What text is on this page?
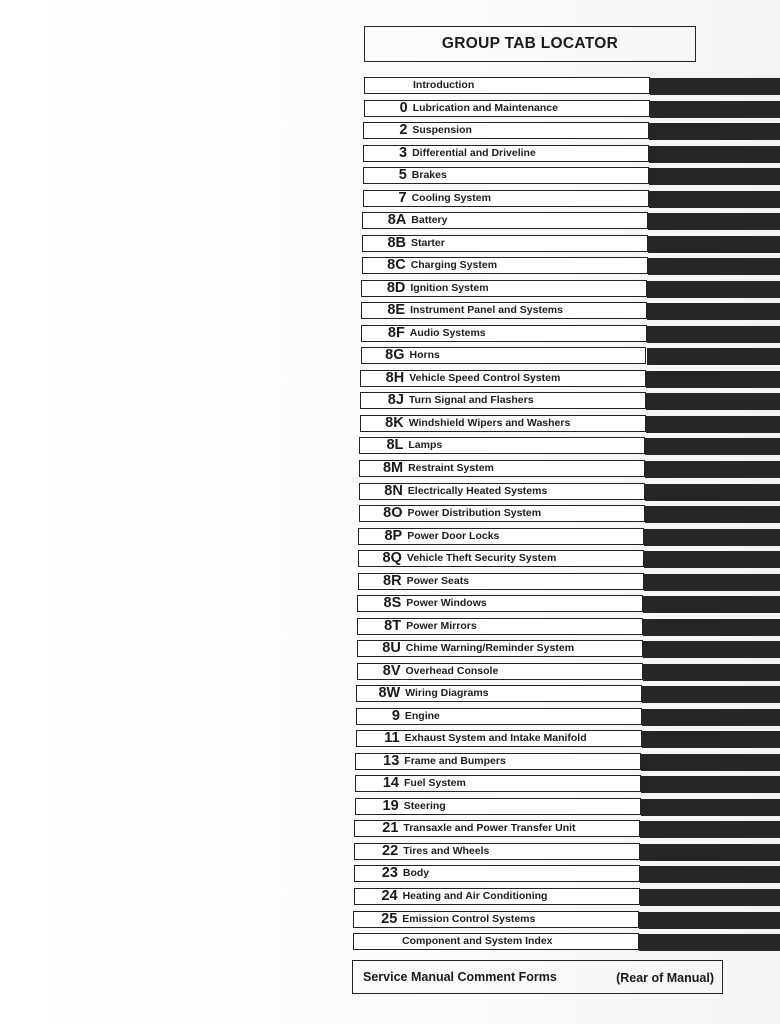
GROUP TAB LOCATOR
Introduction
0 Lubrication and Maintenance
2 Suspension
3 Differential and Driveline
5 Brakes
7 Cooling System
8A Battery
8B Starter
8C Charging System
8D Ignition System
8E Instrument Panel and Systems
8F Audio Systems
8G Horns
8H Vehicle Speed Control System
8J Turn Signal and Flashers
8K Windshield Wipers and Washers
8L Lamps
8M Restraint System
8N Electrically Heated Systems
8O Power Distribution System
8P Power Door Locks
8Q Vehicle Theft Security System
8R Power Seats
8S Power Windows
8T Power Mirrors
8U Chime Warning/Reminder System
8V Overhead Console
8W Wiring Diagrams
9 Engine
11 Exhaust System and Intake Manifold
13 Frame and Bumpers
14 Fuel System
19 Steering
21 Transaxle and Power Transfer Unit
22 Tires and Wheels
23 Body
24 Heating and Air Conditioning
25 Emission Control Systems
Component and System Index
Service Manual Comment Forms	(Rear of Manual)
